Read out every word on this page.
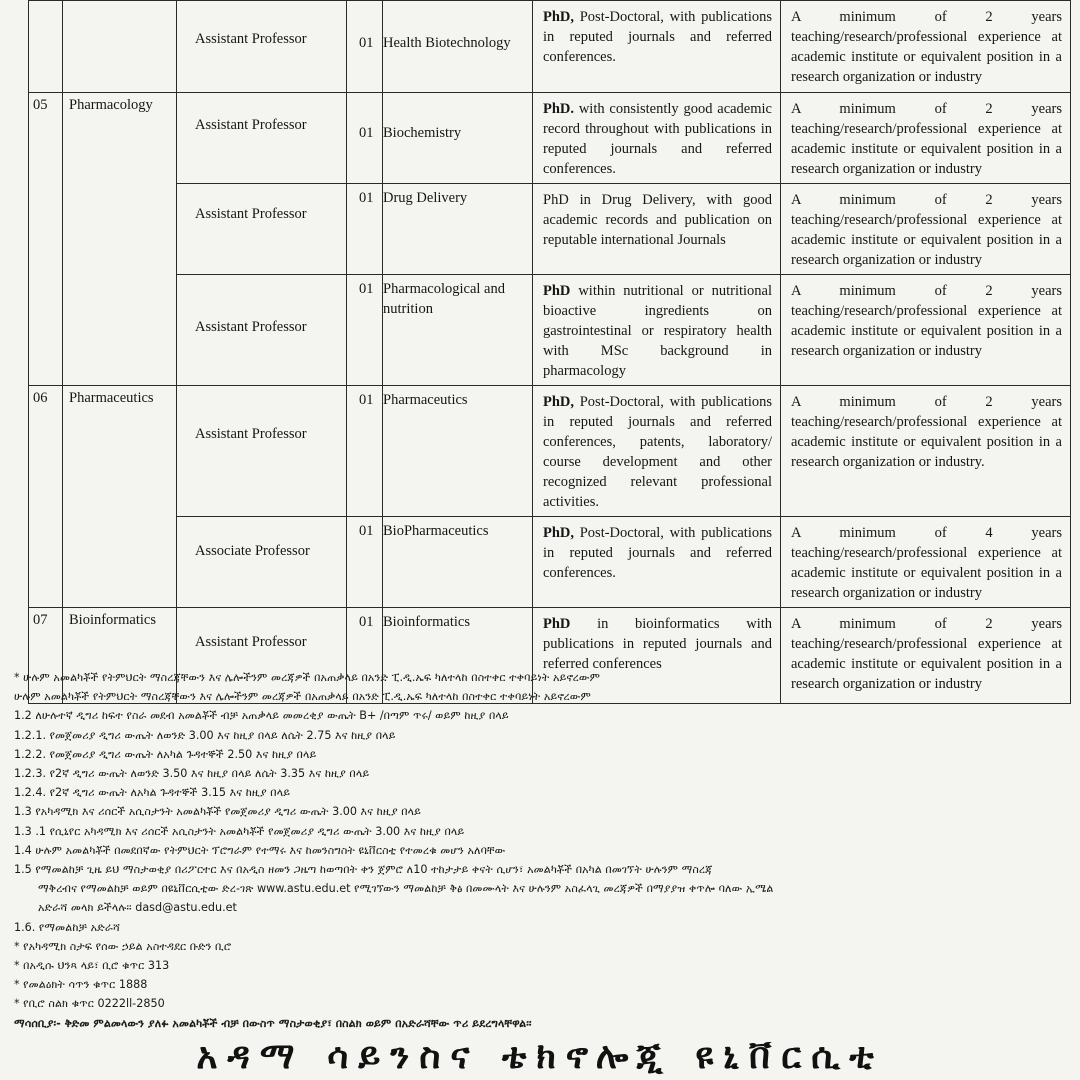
		Assistant Professor	01	Health Biotechnology	PhD, Post-Doctoral, with publications in reputed journals and referred conferences.	A minimum of 2 years teaching/research/professional experience at academic institute or equivalent position in a research organization or industry

05	Pharmacology	Assistant Professor	01	Biochemistry	PhD. with consistently good academic record throughout with publications in reputed journals and referred conferences.	A minimum of 2 years teaching/research/professional experience at academic institute or equivalent position in a research organization or industry

		Assistant Professor	01	Drug Delivery	PhD in Drug Delivery, with good academic records and publication on reputable international Journals	A minimum of 2 years teaching/research/professional experience at academic institute or equivalent position in a research organization or industry

		Assistant Professor	01	Pharmacological and nutrition	PhD within nutritional or nutritional bioactive ingredients on gastrointestinal or respiratory health with MSc background in pharmacology	A minimum of 2 years teaching/research/professional experience at academic institute or equivalent position in a research organization or industry

06	Pharmaceutics	Assistant Professor	01	Pharmaceutics	PhD, Post-Doctoral, with publications in reputed journals and referred conferences, patents, laboratory/ course development and other recognized relevant professional activities.	A minimum of 2 years teaching/research/professional experience at academic institute or equivalent position in a research organization or industry.

		Associate Professor	01	BioPharmaceutics	PhD, Post-Doctoral, with publications in reputed journals and referred conferences.	A minimum of 4 years teaching/research/professional experience at academic institute or equivalent position in a research organization or industry

07	Bioinformatics	Assistant Professor	01	Bioinformatics	PhD in bioinformatics with publications in reputed journals and referred conferences	A minimum of 2 years teaching/research/professional experience at academic institute or equivalent position in a research organization or industry
* ሁሉም አመልካቾች የትምህርት ማስረጃቸውን እና ሌሎችንም መረጃዎች በአጠቃላይ በአንድ ፒ.ዲ.ኤፍ ካለተላከ በስተቀር ተቀባይነት አይኖረውም
ሁሉም አመልካቾች የትምህርት ማስረጃቸውን እና ሌሎችንም መረጃዎች በአጠቃላይ በአንድ ፒ.ዲ.ኤፍ ካለተላከ በስተቀር ተቀባይነት አይኖረውም
1.2 ለሁሉተኛ ዲግሪ ከፍተ የስራ መደብ አመልቾች ብቻ አጠቃላይ መመረቂያ ውጤት B+ /በጣም ጥሩ/ ወይም ከዚያ በላይ
1.2.1. የመጀመሪያ ዲግሪ ውጤት ለወንድ 3.00 እና ከዚያ በላይ ለሴት 2.75 እና ከዚያ በላይ
1.2.2. የመጀመሪያ ዲግሪ ውጤት ለአካል ጉዳተኞች 2.50 እና ከዚያ በላይ
1.2.3. የ2ኛ ዲግሪ ውጤት ለወንድ 3.50 እና ከዚያ በላይ ለሴት 3.35 እና ከዚያ በላይ
1.2.4. የ2ኛ ዲግሪ ውጤት ለአካል ጉዳተኞች 3.15 እና ከዚያ በላይ
1.3 የአካዳሚክ እና ሪሰርች አሲስታንት አመልካቾች የመጀመሪያ ዲግሪ ውጤት 3.00 እና ከዚያ በላይ
1.3 .1 የሲኒየር አካዳሚክ እና ሪሰርች አሲስታንት አመልካቾች የመጀመሪያ ዲግሪ ውጤት 3.00 እና ከዚያ በላይ
1.4 ሁሉም አመልካቾች በመደበኛው የትምህርት ፕሮግራም የተማሩ እና ከመንስግስት ዩኒቨርስቲ የተመረቁ መሆን አለባቸው
1.5 የማመልከቻ ጊዜ ይህ ማስታወቂያ በሪፖርተር እና በአዲስ ዘመን ጋዜጣ ከወጣበት ቀን ጀምሮ ለ10 ተከታታይ ቀናት ሲሆን፣ አመልካቾች በአካል በመገኘት ሁሉንም ማስረጃ
ማቅረብና የማመልከቻ ወይም በዩኒቨርሲቲው ድረ-ገጽ www.astu.edu.et የሚገኘውን ማመልከቻ ቅፅ በመሙላት እና ሁሉንም አስፈላጊ መረጃዎች በማያያዝ ቀጥሎ ባለው ኢሜል
አድራሻ መላክ ይችላሉ፡፡ dasd@astu.edu.et
1.6. የማመልከቻ አድራሻ
* የአካዳሚክ ስታፍ የሰው ኃይል አስተዳደር ቡድን ቢሮ
* በአዲሱ ህንጻ ላይ፣ ቢሮ ቁጥር 313
* የመልዕክት ሳጥን ቁጥር 1888
* የቢሮ ስልክ ቁጥር 0222ll-2850
ማሳሰቢያ፡- ቅድመ ምልመላውን ያለፉ አመልካቾች ብቻ በውስጥ ማስታወቂያ፣ በስልክ ወይም በአድራሻቸው ጥሪ ይደረግላቸዋል፡፡
አዳማ ሳይንስና ቴክኖሎጂ ዩኒቨርሲቲ
